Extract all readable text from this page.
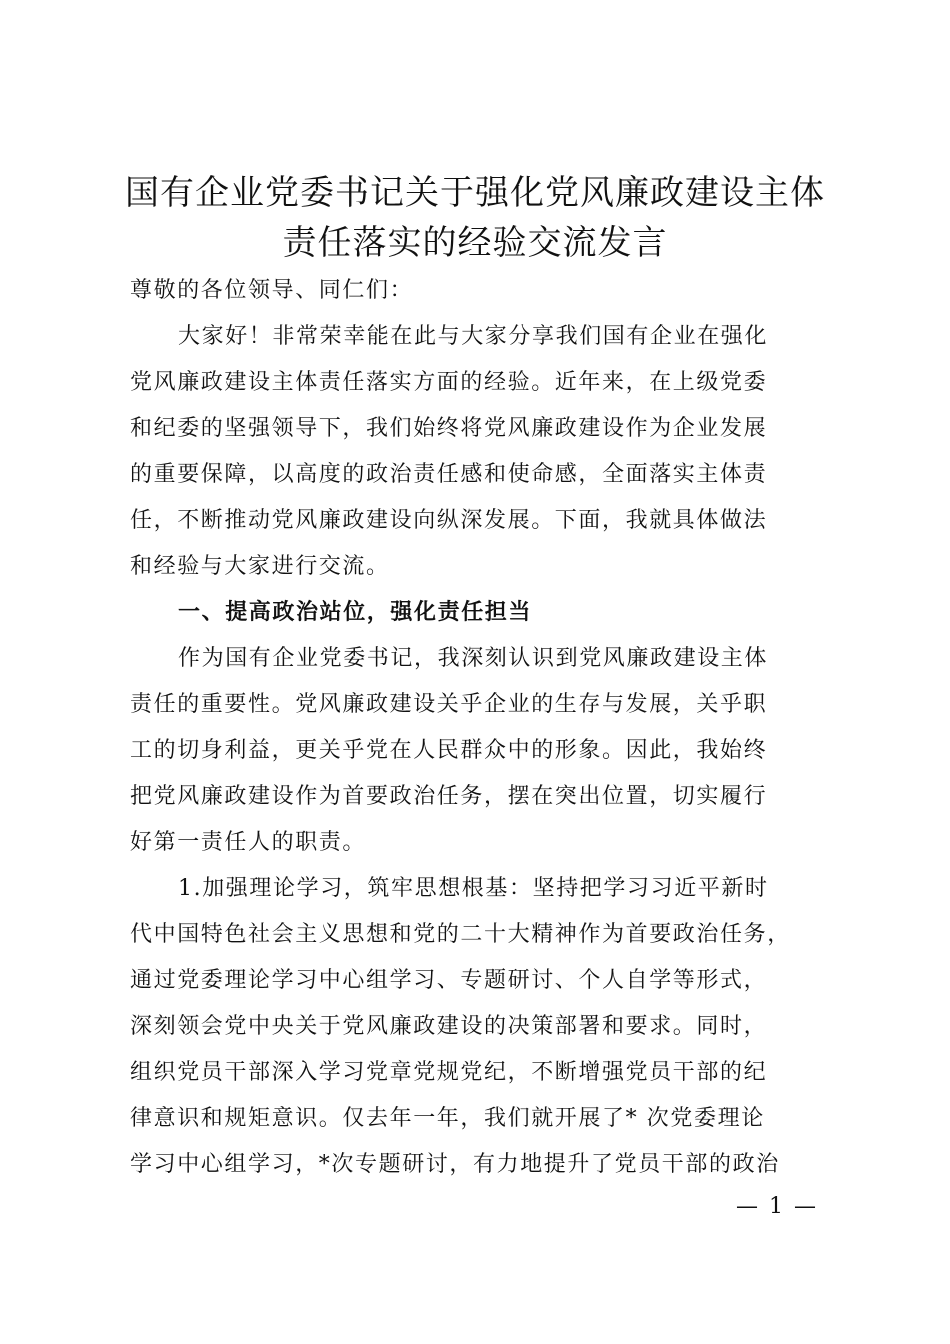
国有企业党委书记关于强化党风廉政建设主体
责任落实的经验交流发言
尊敬的各位领导、同仁们：
大家好！非常荣幸能在此与大家分享我们国有企业在强化
党风廉政建设主体责任落实方面的经验。近年来，在上级党委
和纪委的坚强领导下，我们始终将党风廉政建设作为企业发展
的重要保障，以高度的政治责任感和使命感，全面落实主体责
任，不断推动党风廉政建设向纵深发展。下面，我就具体做法
和经验与大家进行交流。
一、提高政治站位，强化责任担当
作为国有企业党委书记，我深刻认识到党风廉政建设主体
责任的重要性。党风廉政建设关乎企业的生存与发展，关乎职
工的切身利益，更关乎党在人民群众中的形象。因此，我始终
把党风廉政建设作为首要政治任务，摆在突出位置，切实履行
好第一责任人的职责。
1.加强理论学习，筑牢思想根基：坚持把学习习近平新时
代中国特色社会主义思想和党的二十大精神作为首要政治任务，
通过党委理论学习中心组学习、专题研讨、个人自学等形式，
深刻领会党中央关于党风廉政建设的决策部署和要求。同时，
组织党员干部深入学习党章党规党纪，不断增强党员干部的纪
律意识和规矩意识。仅去年一年，我们就开展了* 次党委理论
学习中心组学习，*次专题研讨，有力地提升了党员干部的政治
— 1 —
